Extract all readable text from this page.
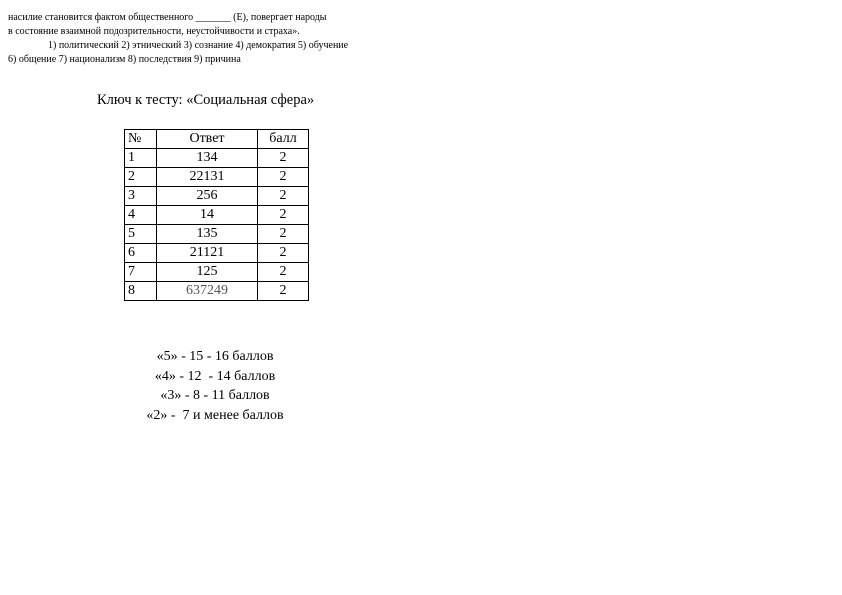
насилие становится фактом общественного _______ (Е), повергает народы
в состояние взаимной подозрительности, неустойчивости и страха».
1) политический 2) этнический 3) сознание 4) демократия 5) обучение
6) общение 7) национализм 8) последствия 9) причина
Ключ к тесту: «Социальная сфера»
№	Ответ	балл
1	134	2
2	22131	2
3	256	2
4	14	2
5	135	2
6	21121	2
7	125	2
8	637249	2
«5» - 15 - 16 баллов
«4» - 12  - 14 баллов
«3» - 8 - 11 баллов
«2» -  7 и менее баллов
